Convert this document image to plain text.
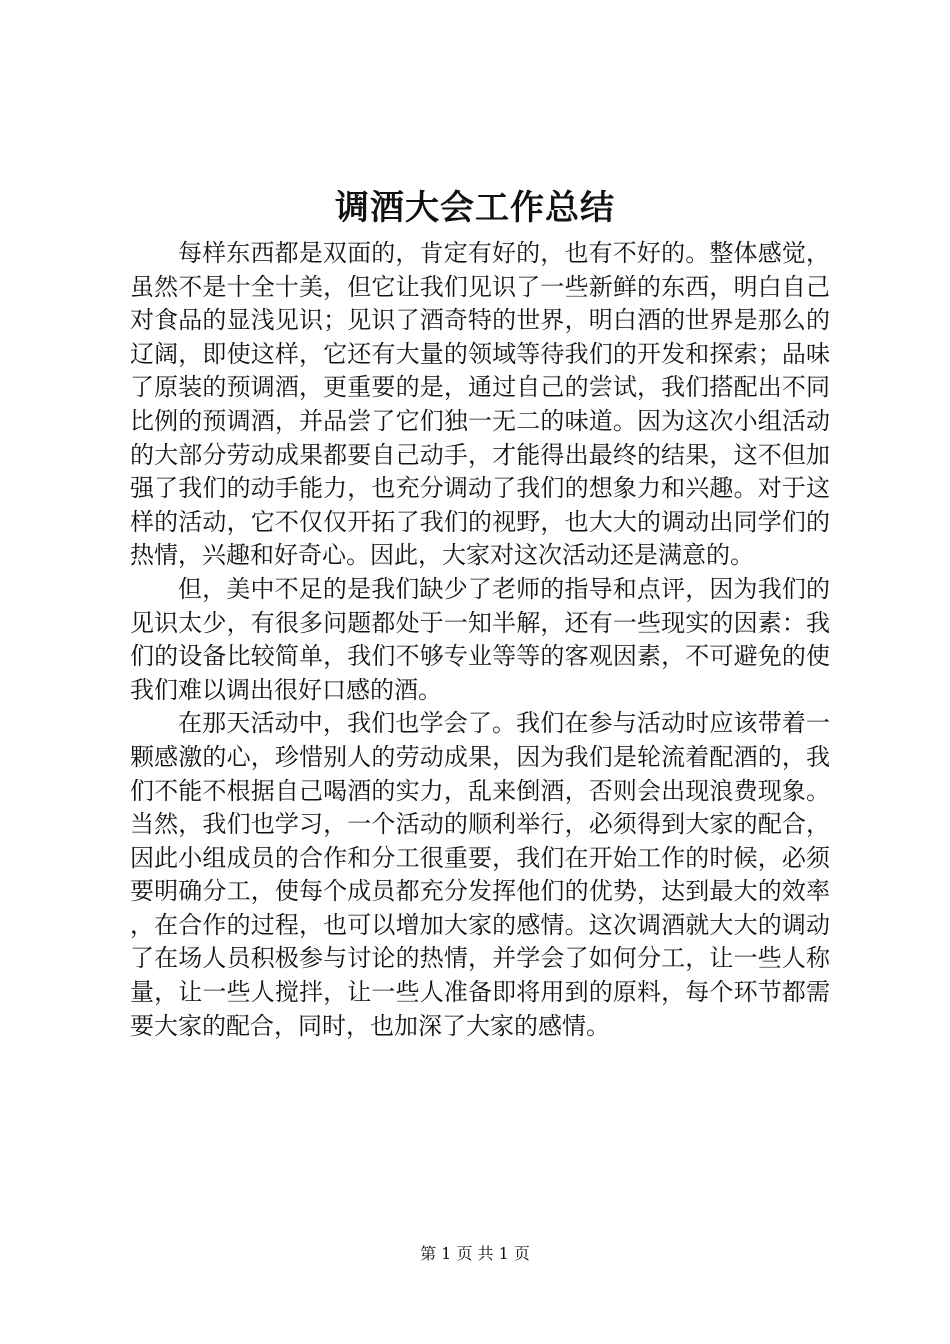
调酒大会工作总结

每样东西都是双面的，肯定有好的，也有不好的。整体感觉，虽然不是十全十美，但它让我们见识了一些新鲜的东西，明白自己对食品的显浅见识；见识了酒奇特的世界，明白酒的世界是那么的辽阔，即使这样，它还有大量的领域等待我们的开发和探索；品味了原装的预调酒，更重要的是，通过自己的尝试，我们搭配出不同比例的预调酒，并品尝了它们独一无二的味道。因为这次小组活动的大部分劳动成果都要自己动手，才能得出最终的结果，这不但加强了我们的动手能力，也充分调动了我们的想象力和兴趣。对于这样的活动，它不仅仅开拓了我们的视野，也大大的调动出同学们的热情，兴趣和好奇心。因此，大家对这次活动还是满意的。

但，美中不足的是我们缺少了老师的指导和点评，因为我们的见识太少，有很多问题都处于一知半解，还有一些现实的因素：我们的设备比较简单，我们不够专业等等的客观因素，不可避免的使我们难以调出很好口感的酒。

在那天活动中，我们也学会了。我们在参与活动时应该带着一颗感激的心，珍惜别人的劳动成果，因为我们是轮流着配酒的，我们不能不根据自己喝酒的实力，乱来倒酒，否则会出现浪费现象。当然，我们也学习，一个活动的顺利举行，必须得到大家的配合，因此小组成员的合作和分工很重要，我们在开始工作的时候，必须要明确分工，使每个成员都充分发挥他们的优势，达到最大的效率，在合作的过程，也可以增加大家的感情。这次调酒就大大的调动了在场人员积极参与讨论的热情，并学会了如何分工，让一些人称量，让一些人搅拌，让一些人准备即将用到的原料，每个环节都需要大家的配合，同时，也加深了大家的感情。

第 1 页 共 1 页
